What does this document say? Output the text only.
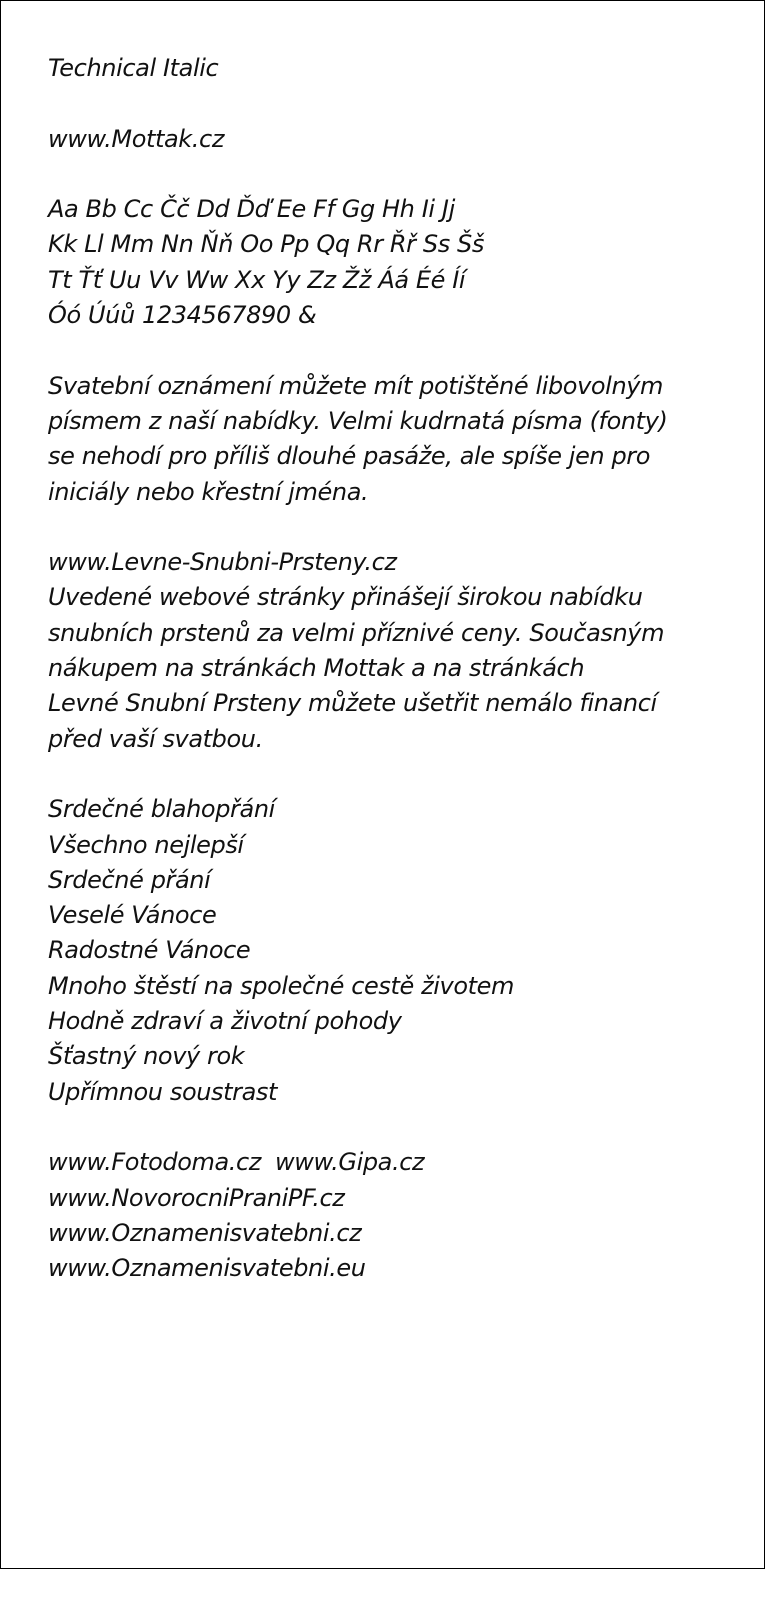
Technical Italic
www.Mottak.cz
Aa Bb Cc Čč Dd Ďď Ee Ff Gg Hh Ii Jj
Kk Ll Mm Nn Ňň Oo Pp Qq Rr Řř Ss Šš
Tt Ťť Uu Vv Ww Xx Yy Zz Žž Áá Éé Íí
Óó Úúů 1234567890 &
Svatební oznámení můžete mít potištěné libovolným
písmem z naší nabídky. Velmi kudrnatá písma (fonty)
se nehodí pro příliš dlouhé pasáže, ale spíše jen pro
iniciály nebo křestní jména.
www.Levne-Snubni-Prsteny.cz
Uvedené webové stránky přinášejí širokou nabídku
snubních prstenů za velmi příznivé ceny. Současným
nákupem na stránkách Mottak a na stránkách
Levné Snubní Prsteny můžete ušetřit nemálo financí
před vaší svatbou.
Srdečné blahopřání
Všechno nejlepší
Srdečné přání
Veselé Vánoce
Radostné Vánoce
Mnoho štěstí na společné cestě životem
Hodně zdraví a životní pohody
Šťastný nový rok
Upřímnou soustrast
www.Fotodoma.cz www.Gipa.cz
www.NovorocniPraniPF.cz
www.Oznamenisvatebni.cz
www.Oznamenisvatebni.eu
